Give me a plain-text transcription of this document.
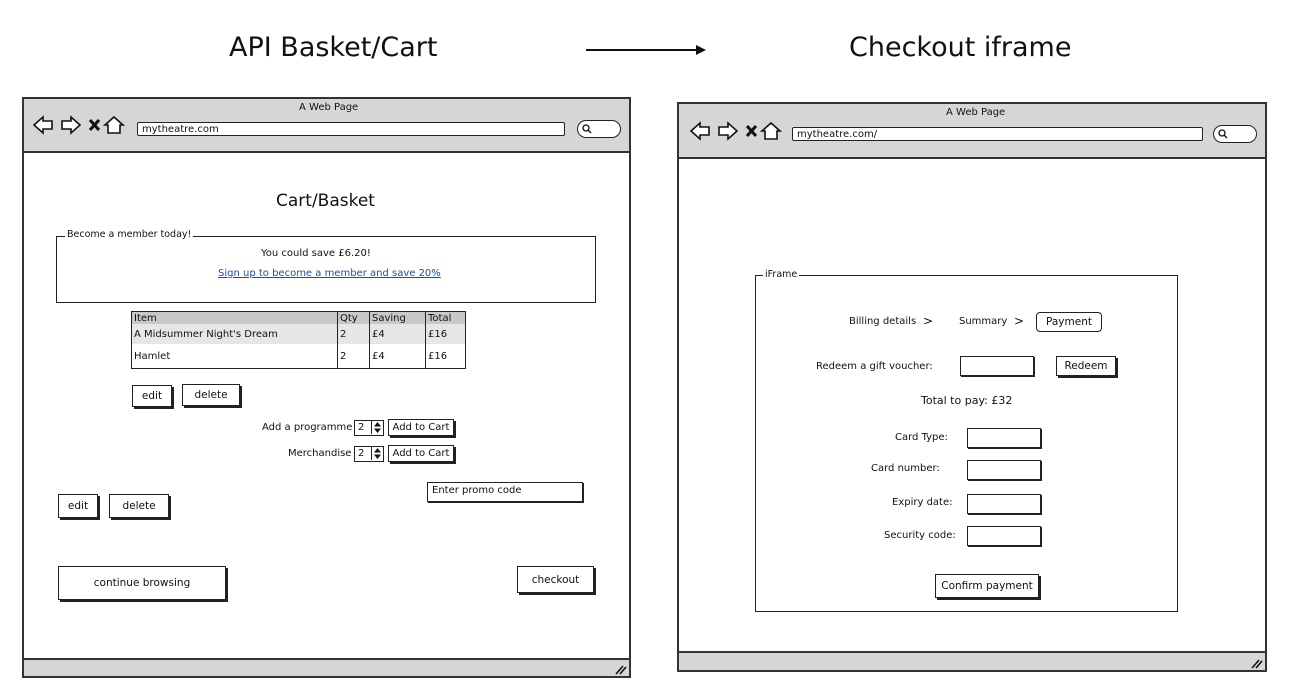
API Basket/Cart	Checkout iframe
A Web Page
mytheatre.com
Cart/Basket
Become a member today!
You could save £6.20!
Sign up to become a member and save 20%
Item	Qty	Saving	Total
A Midsummer Night's Dream	2	£4	£16
Hamlet	2	£4	£16
edit	delete
Add a programme 2	Add to Cart
Merchandise 2	Add to Cart
Enter promo code
edit	delete
continue browsing	checkout
A Web Page
mytheatre.com/
iFrame
Billing details >	Summary >	Payment
Redeem a gift voucher:	Redeem
Total to pay: £32
Card Type:
Card number:
Expiry date:
Security code:
Confirm payment
